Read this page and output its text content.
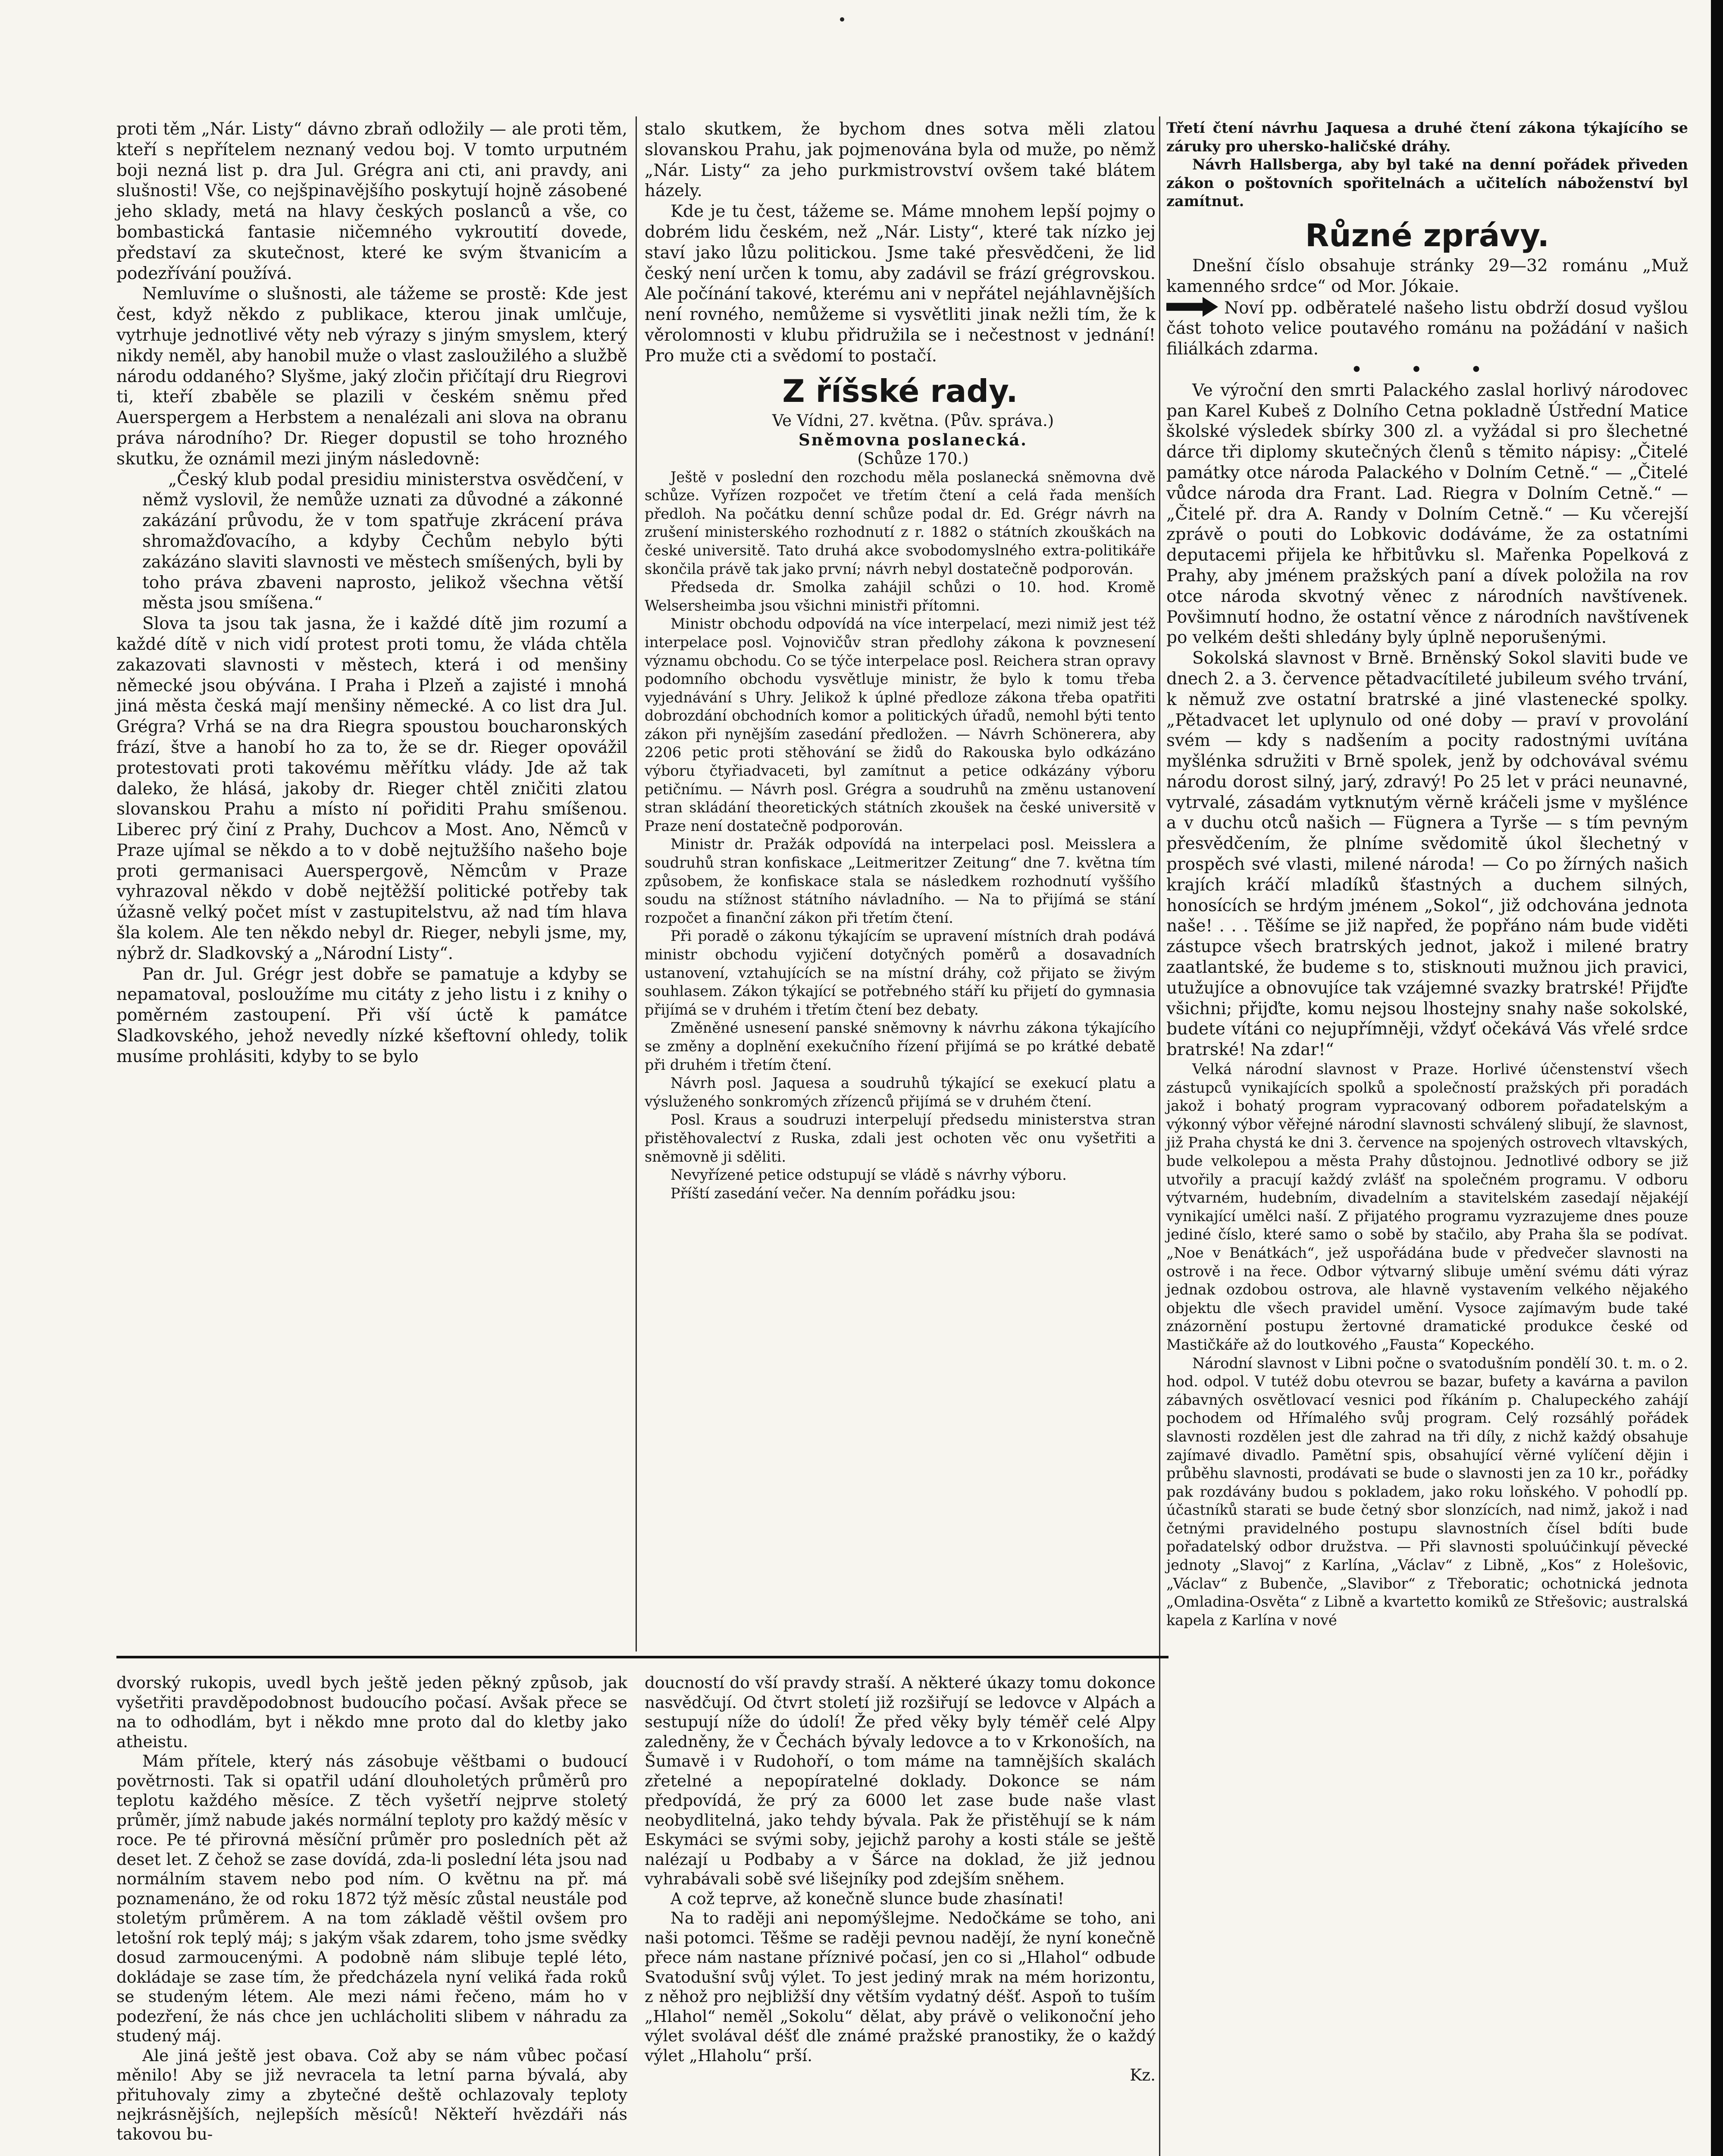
proti těm „Nár. Listy“ dávno zbraň odložily — ale proti těm, kteří s nepřítelem neznaný vedou boj. V tomto urputném boji nezná list p. dra Jul. Grégra ani cti, ani pravdy, ani slušnosti! Vše, co nejšpinavějšího poskytují hojně zásobené jeho sklady, metá na hlavy českých poslanců a vše, co bombastická fantasie ničemného vykroutití dovede, představí za skutečnost, které ke svým štvanicím a podezřívání používá.

Nemluvíme o slušnosti, ale tážeme se prostě: Kde jest čest, když někdo z publikace, kterou jinak umlčuje, vytrhuje jednotlivé věty neb výrazy s jiným smyslem, který nikdy neměl, aby hanobil muže o vlast zasloužilého a službě národu oddaného? Slyšme, jaký zločin přičítají dru Riegrovi ti, kteří zbaběle se plazili v českém sněmu před Auerspergem a Herbstem a nenalézali ani slova na obranu práva národního? Dr. Rieger dopustil se toho hrozného skutku, že oznámil mezi jiným následovně:

„Český klub podal presidiu ministerstva osvědčení, v němž vyslovil, že nemůže uznati za důvodné a zákonné zakázání průvodu, že v tom spatřuje zkrácení práva shromažďovacího, a kdyby Čechům nebylo býti zakázáno slaviti slavnosti ve městech smíšených, byli by toho práva zbaveni naprosto, jelikož všechna větší města jsou smíšena.“

Slova ta jsou tak jasna, že i každé dítě jim rozumí a každé dítě v nich vidí protest proti tomu, že vláda chtěla zakazovati slavnosti v městech, která i od menšiny německé jsou obývána. I Praha i Plzeň a zajisté i mnohá jiná města česká mají menšiny německé. A co list dra Jul. Grégra? Vrhá se na dra Riegra spoustou boucharonských frází, štve a hanobí ho za to, že se dr. Rieger opovážil protestovati proti takovému měřítku vlády. Jde až tak daleko, že hlásá, jakoby dr. Rieger chtěl zničiti zlatou slovanskou Prahu a místo ní pořiditi Prahu smíšenou. Liberec prý činí z Prahy, Duchcov a Most. Ano, Němců v Praze ujímal se někdo a to v době nejtužšího našeho boje proti germanisaci Auerspergově, Němcům v Praze vyhrazoval někdo v době nejtěžší politické potřeby tak úžasně velký počet míst v zastupitelstvu, až nad tím hlava šla kolem. Ale ten někdo nebyl dr. Rieger, nebyli jsme, my, nýbrž dr. Sladkovský a „Národní Listy“.

Pan dr. Jul. Grégr jest dobře se pamatuje a kdyby se nepamatoval, posloužíme mu citáty z jeho listu i z knihy o poměrném zastoupení. Při vší úctě k památce Sladkovského, jehož nevedly nízké kšeftovní ohledy, tolik musíme prohlásiti, kdyby to se bylo

stalo skutkem, že bychom dnes sotva měli zlatou slovanskou Prahu, jak pojmenována byla od muže, po němž „Nár. Listy“ za jeho purkmistrovství ovšem také blátem házely.

Kde je tu čest, tážeme se. Máme mnohem lepší pojmy o dobrém lidu českém, než „Nár. Listy“, které tak nízko jej staví jako lůzu politickou. Jsme také přesvědčeni, že lid český není určen k tomu, aby zadávil se frází grégrovskou. Ale počínání takové, kterému ani v nepřátel nejáhlavnějších není rovného, nemůžeme si vysvětliti jinak nežli tím, že k věrolomnosti v klubu přidružila se i nečestnost v jednání! Pro muže cti a svědomí to postačí.

Z říšské rady.

Ve Vídni, 27. května. (Pův. správa.)

Sněmovna poslanecká.

(Schůze 170.)

Ještě v poslední den rozchodu měla poslanecká sněmovna dvě schůze. Vyřízen rozpočet ve třetím čtení a celá řada menších předloh. Na počátku denní schůze podal dr. Ed. Grégr návrh na zrušení ministerského rozhodnutí z r. 1882 o státních zkouškách na české universitě. Tato druhá akce svobodomyslného extra-politikáře skončila právě tak jako první; návrh nebyl dostatečně podporován.

Předseda dr. Smolka zahájil schůzi o 10. hod. Kromě Welsersheimba jsou všichni ministři přítomni.

Ministr obchodu odpovídá na více interpelací, mezi nimiž jest též interpelace posl. Vojnovičův stran předlohy zákona k povznesení významu obchodu. Co se týče interpelace posl. Reichera stran opravy podomního obchodu vysvětluje ministr, že bylo k tomu třeba vyjednávání s Uhry. Jelikož k úplné předloze zákona třeba opatřiti dobrozdání obchodních komor a politických úřadů, nemohl býti tento zákon při nynějším zasedání předložen. — Návrh Schönerera, aby 2206 petic proti stěhování se židů do Rakouska bylo odkázáno výboru čtyřiadvaceti, byl zamítnut a petice odkázány výboru petičnímu. — Návrh posl. Grégra a soudruhů na změnu ustanovení stran skládání theoretických státních zkoušek na české universitě v Praze není dostatečně podporován.

Ministr dr. Pražák odpovídá na interpelaci posl. Meisslera a soudruhů stran konfiskace „Leitmeritzer Zeitung“ dne 7. května tím způsobem, že konfiskace stala se následkem rozhodnutí vyššího soudu na stížnost státního návladního. — Na to přijímá se stání rozpočet a finanční zákon při třetím čtení.

Při poradě o zákonu týkajícím se upravení místních drah podává ministr obchodu vyjičení dotyčných poměrů a dosavadních ustanovení, vztahujících se na místní dráhy, což přijato se živým souhlasem. Zákon týkající se potřebného stáří ku přijetí do gymnasia přijímá se v druhém i třetím čtení bez debaty.

Změněné usnesení panské sněmovny k návrhu zákona týkajícího se změny a doplnění exekučního řízení přijímá se po krátké debatě při druhém i třetím čtení.

Návrh posl. Jaquesa a soudruhů týkající se exekucí platu a výsluženého sonkromých zřízenců přijímá se v druhém čtení.

Posl. Kraus a soudruzi interpelují předsedu ministerstva stran přistěhovalectví z Ruska, zdali jest ochoten věc onu vyšetřiti a sněmovně ji sděliti.

Nevyřízené petice odstupují se vládě s návrhy výboru.

Příští zasedání večer. Na denním pořádku jsou:

Třetí čtení návrhu Jaquesa a druhé čtení zákona týkajícího se záruky pro uhersko-haličské dráhy.

Návrh Hallsberga, aby byl také na denní pořádek přiveden zákon o poštovních spořitelnách a učitelích náboženství byl zamítnut.

Různé zprávy.

Dnešní číslo obsahuje stránky 29—32 románu „Muž kamenného srdce“ od Mor. Jókaie.

Noví pp. odběratelé našeho listu obdrží dosud vyšlou část tohoto velice poutavého románu na požádání v našich filiálkách zdarma.

• • •

Ve výroční den smrti Palackého zaslal horlivý národovec pan Karel Kubeš z Dolního Cetna pokladně Ústřední Matice školské výsledek sbírky 300 zl. a vyžádal si pro šlechetné dárce tři diplomy skutečných členů s těmito nápisy: „Čitelé památky otce národa Palackého v Dolním Cetně.“ — „Čitelé vůdce národa dra Frant. Lad. Riegra v Dolním Cetně.“ — „Čitelé př. dra A. Randy v Dolním Cetně.“ — Ku včerejší zprávě o pouti do Lobkovic dodáváme, že za ostatními deputacemi přijela ke hřbitůvku sl. Mařenka Popelková z Prahy, aby jménem pražských paní a dívek položila na rov otce národa skvotný věnec z národních navštívenek. Povšimnutí hodno, že ostatní věnce z národních navštívenek po velkém dešti shledány byly úplně neporušenými.

Sokolská slavnost v Brně. Brněnský Sokol slaviti bude ve dnech 2. a 3. července pětadvacítileté jubileum svého trvání, k němuž zve ostatní bratrské a jiné vlastenecké spolky. „Pětadvacet let uplynulo od oné doby — praví v provolání svém — kdy s nadšením a pocity radostnými uvítána myšlénka sdružiti v Brně spolek, jenž by odchovával svému národu dorost silný, jarý, zdravý! Po 25 let v práci neunavné, vytrvalé, zásadám vytknutým věrně kráčeli jsme v myšlénce a v duchu otců našich — Fügnera a Tyrše — s tím pevným přesvědčením, že plníme svědomitě úkol šlechetný v prospěch své vlasti, milené národa! — Co po žírných našich krajích kráčí mladíků šťastných a duchem silných, honosících se hrdým jménem „Sokol“, již odchována jednota naše! . . . Těšíme se již napřed, že popřáno nám bude viděti zástupce všech bratrských jednot, jakož i milené bratry zaatlantské, že budeme s to, stisknouti mužnou jich pravici, utužujíce a obnovujíce tak vzájemné svazky bratrské! Přijďte všichni; přijďte, komu nejsou lhostejny snahy naše sokolské, budete vítáni co nejupřímněji, vždyť očekává Vás vřelé srdce bratrské! Na zdar!“

Velká národní slavnost v Praze. Horlivé účenstenství všech zástupců vynikajících spolků a společností pražských při poradách jakož i bohatý program vypracovaný odborem pořadatelským a výkonný výbor věřejné národní slavnosti schválený slibují, že slavnost, již Praha chystá ke dni 3. července na spojených ostrovech vltavských, bude velkolepou a města Prahy důstojnou. Jednotlivé odbory se již utvořily a pracují každý zvlášť na společném programu. V odboru výtvarném, hudebním, divadelním a stavitelském zasedají nějakéjí vynikající umělci naší. Z přijatého programu vyzrazujeme dnes pouze jediné číslo, které samo o sobě by stačilo, aby Praha šla se podívat. „Noe v Benátkách“, jež uspořádána bude v předvečer slavnosti na ostrově i na řece. Odbor výtvarný slibuje umění svému dáti výraz jednak ozdobou ostrova, ale hlavně vystavením velkého nějakého objektu dle všech pravidel umění. Vysoce zajímavým bude také znázornění postupu žertovné dramatické produkce české od Mastičkáře až do loutkového „Fausta“ Kopeckého.

Národní slavnost v Libni počne o svatodušním pondělí 30. t. m. o 2. hod. odpol. V tutéž dobu otevrou se bazar, bufety a kavárna a pavilon zábavných osvětlovací vesnici pod říkáním p. Chalupeckého zahájí pochodem od Hřímalého svůj program. Celý rozsáhlý pořádek slavnosti rozdělen jest dle zahrad na tři díly, z nichž každý obsahuje zajímavé divadlo. Pamětní spis, obsahující věrné vylíčení dějin i průběhu slavnosti, prodávati se bude o slavnosti jen za 10 kr., pořádky pak rozdávány budou s pokladem, jako roku loňského. V pohodlí pp. účastníků starati se bude četný sbor slonzících, nad nimž, jakož i nad četnými pravidelného postupu slavnostních čísel bdíti bude pořadatelský odbor družstva. — Při slavnosti spoluúčinkují pěvecké jednoty „Slavoj“ z Karlína, „Václav“ z Libně, „Kos“ z Holešovic, „Václav“ z Bubenče, „Slavibor“ z Třeboratic; ochotnická jednota „Omladina-Osvěta“ z Libně a kvartetto komiků ze Střešovic; australská kapela z Karlína v nové

dvorský rukopis, uvedl bych ještě jeden pěkný způsob, jak vyšetřiti pravděpodobnost budoucího počasí. Avšak přece se na to odhodlám, byt i někdo mne proto dal do kletby jako atheistu.

Mám přítele, který nás zásobuje věštbami o budoucí povětrnosti. Tak si opatřil udání dlouholetých průměrů pro teplotu každého měsíce. Z těch vyšetří nejprve stoletý průměr, jímž nabude jakés normální teploty pro každý měsíc v roce. Pe té přirovná měsíční průměr pro posledních pět až deset let. Z čehož se zase dovídá, zda-li poslední léta jsou nad normálním stavem nebo pod ním. O květnu na př. má poznamenáno, že od roku 1872 týž měsíc zůstal neustále pod stoletým průměrem. A na tom základě věštil ovšem pro letošní rok teplý máj; s jakým však zdarem, toho jsme svědky dosud zarmoucenými. A podobně nám slibuje teplé léto, dokládaje se zase tím, že předcházela nyní veliká řada roků se studeným létem. Ale mezi námi řečeno, mám ho v podezření, že nás chce jen uchlácholiti slibem v náhradu za studený máj.

Ale jiná ještě jest obava. Což aby se nám vůbec počasí měnilo! Aby se již nevracela ta letní parna bývalá, aby přituhovaly zimy a zbytečné deště ochlazovaly teploty nejkrásnějších, nejlepších měsíců! Někteří hvězdáři nás takovou bu-

doucností do vší pravdy straší. A některé úkazy tomu dokonce nasvědčují. Od čtvrt století již rozšiřují se ledovce v Alpách a sestupují níže do údolí! Že před věky byly téměř celé Alpy zaledněny, že v Čechách bývaly ledovce a to v Krkonoších, na Šumavě i v Rudohoří, o tom máme na tamnějších skalách zřetelné a nepopíratelné doklady. Dokonce se nám předpovídá, že prý za 6000 let zase bude naše vlast neobydlitelná, jako tehdy bývala. Pak že přistěhují se k nám Eskymáci se svými soby, jejichž parohy a kosti stále se ještě nalézají u Podbaby a v Šárce na doklad, že již jednou vyhrabávali sobě své lišejníky pod zdejším sněhem.

A což teprve, až konečně slunce bude zhasínati!

Na to raději ani nepomýšlejme. Nedočkáme se toho, ani naši potomci. Těšme se raději pevnou nadějí, že nyní konečně přece nám nastane příznivé počasí, jen co si „Hlahol“ odbude Svatodušní svůj výlet. To jest jediný mrak na mém horizontu, z něhož pro nejbližší dny větším vydatný déšť. Aspoň to tuším „Hlahol“ neměl „Sokolu“ dělat, aby právě o velikonoční jeho výlet svolával déšť dle známé pražské pranostiky, že o každý výlet „Hlaholu“ prší.

Kz.
